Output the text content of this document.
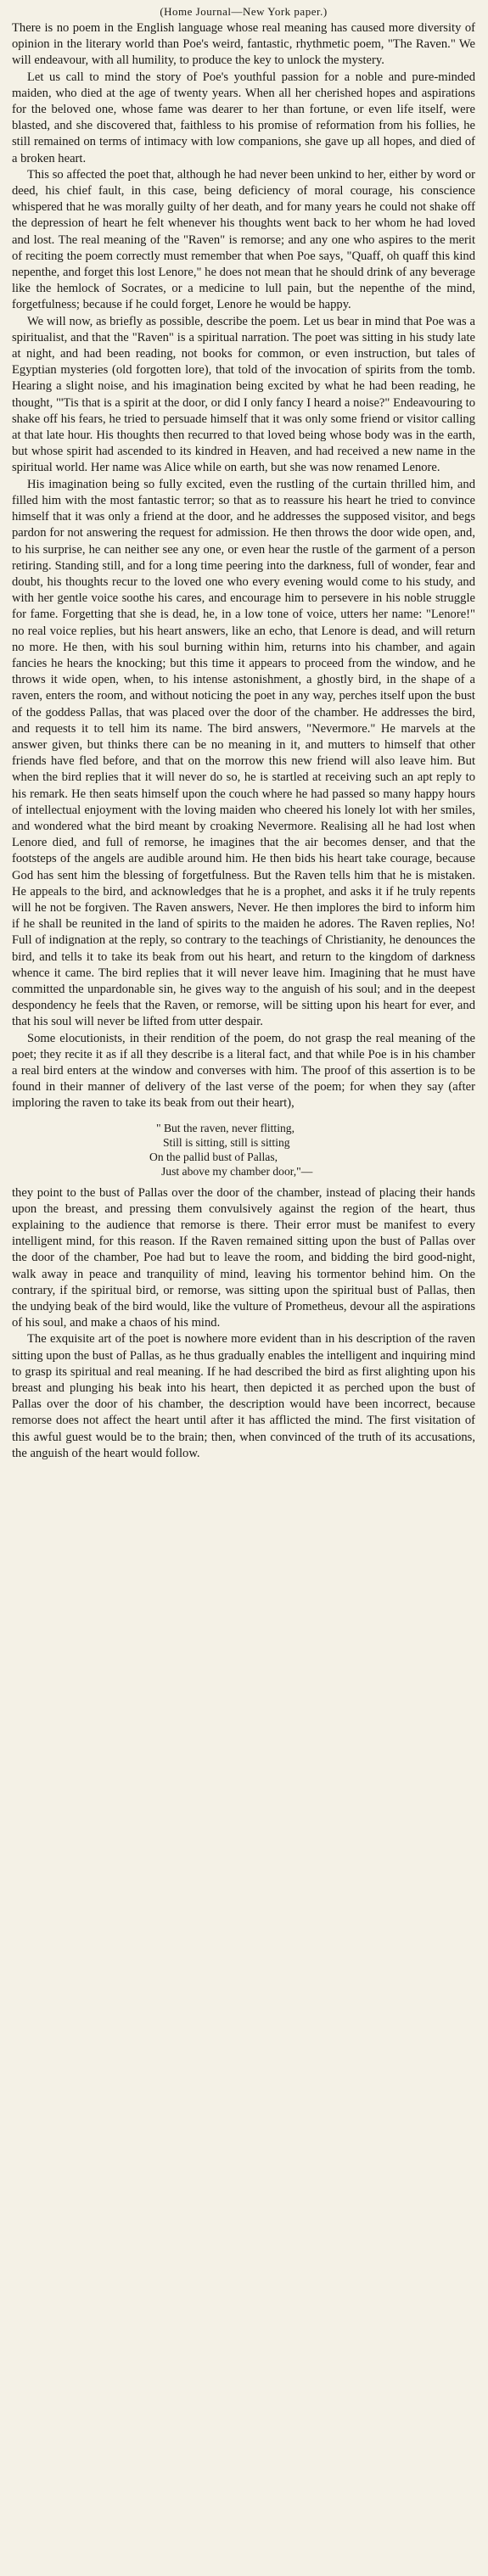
(Home Journal—New York paper.)

There is no poem in the English language whose real meaning has caused more diversity of opinion in the literary world than Poe's weird, fantastic, rhythmetic poem, "The Raven." We will endeavour, with all humility, to produce the key to unlock the mystery.

Let us call to mind the story of Poe's youthful passion for a noble and pure-minded maiden, who died at the age of twenty years. When all her cherished hopes and aspirations for the beloved one, whose fame was dearer to her than fortune, or even life itself, were blasted, and she discovered that, faithless to his promise of reformation from his follies, he still remained on terms of intimacy with low companions, she gave up all hopes, and died of a broken heart.

This so affected the poet that, although he had never been unkind to her, either by word or deed, his chief fault, in this case, being deficiency of moral courage, his conscience whispered that he was morally guilty of her death, and for many years he could not shake off the depression of heart he felt whenever his thoughts went back to her whom he had loved and lost. The real meaning of the "Raven" is remorse; and any one who aspires to the merit of reciting the poem correctly must remember that when Poe says, "Quaff, oh quaff this kind nepenthe, and forget this lost Lenore," he does not mean that he should drink of any beverage like the hemlock of Socrates, or a medicine to lull pain, but the nepenthe of the mind, forgetfulness; because if he could forget, Lenore he would be happy.

We will now, as briefly as possible, describe the poem. Let us bear in mind that Poe was a spiritualist, and that the "Raven" is a spiritual narration. The poet was sitting in his study late at night, and had been reading, not books for common, or even instruction, but tales of Egyptian mysteries (old forgotten lore), that told of the invocation of spirits from the tomb. Hearing a slight noise, and his imagination being excited by what he had been reading, he thought, "'Tis that is a spirit at the door, or did I only fancy I heard a noise?" Endeavouring to shake off his fears, he tried to persuade himself that it was only some friend or visitor calling at that late hour. His thoughts then recurred to that loved being whose body was in the earth, but whose spirit had ascended to its kindred in Heaven, and had received a new name in the spiritual world. Her name was Alice while on earth, but she was now renamed Lenore.

His imagination being so fully excited, even the rustling of the curtain thrilled him, and filled him with the most fantastic terror; so that as to reassure his heart he tried to convince himself that it was only a friend at the door, and he addresses the supposed visitor, and begs pardon for not answering the request for admission. He then throws the door wide open, and, to his surprise, he can neither see any one, or even hear the rustle of the garment of a person retiring. Standing still, and for a long time peering into the darkness, full of wonder, fear and doubt, his thoughts recur to the loved one who every evening would come to his study, and with her gentle voice soothe his cares, and encourage him to persevere in his noble struggle for fame. Forgetting that she is dead, he, in a low tone of voice, utters her name: "Lenore!" no real voice replies, but his heart answers, like an echo, that Lenore is dead, and will return no more. He then, with his soul burning within him, returns into his chamber, and again fancies he hears the knocking; but this time it appears to proceed from the window, and he throws it wide open, when, to his intense astonishment, a ghostly bird, in the shape of a raven, enters the room, and without noticing the poet in any way, perches itself upon the bust of the goddess Pallas, that was placed over the door of the chamber. He addresses the bird, and requests it to tell him its name. The bird answers, "Nevermore." He marvels at the answer given, but thinks there can be no meaning in it, and mutters to himself that other friends have fled before, and that on the morrow this new friend will also leave him. But when the bird replies that it will never do so, he is startled at receiving such an apt reply to his remark. He then seats himself upon the couch where he had passed so many happy hours of intellectual enjoyment with the loving maiden who cheered his lonely lot with her smiles, and wondered what the bird meant by croaking Nevermore. Realising all he had lost when Lenore died, and full of remorse, he imagines that the air becomes denser, and that the footsteps of the angels are audible around him. He then bids his heart take courage, because God has sent him the blessing of forgetfulness. But the Raven tells him that he is mistaken. He appeals to the bird, and acknowledges that he is a prophet, and asks it if he truly repents will he not be forgiven. The Raven answers, Never. He then implores the bird to inform him if he shall be reunited in the land of spirits to the maiden he adores. The Raven replies, No! Full of indignation at the reply, so contrary to the teachings of Christianity, he denounces the bird, and tells it to take its beak from out his heart, and return to the kingdom of darkness whence it came. The bird replies that it will never leave him. Imagining that he must have committed the unpardonable sin, he gives way to the anguish of his soul; and in the deepest despondency he feels that the Raven, or remorse, will be sitting upon his heart for ever, and that his soul will never be lifted from utter despair.

Some elocutionists, in their rendition of the poem, do not grasp the real meaning of the poet; they recite it as if all they describe is a literal fact, and that while Poe is in his chamber a real bird enters at the window and converses with him. The proof of this assertion is to be found in their manner of delivery of the last verse of the poem; for when they say (after imploring the raven to take its beak from out their heart),

" But the raven, never flitting,
Still is sitting, still is sitting
On the pallid bust of Pallas,
Just above my chamber door,"—

they point to the bust of Pallas over the door of the chamber, instead of placing their hands upon the breast, and pressing them convulsively against the region of the heart, thus explaining to the audience that remorse is there. Their error must be manifest to every intelligent mind, for this reason. If the Raven remained sitting upon the bust of Pallas over the door of the chamber, Poe had but to leave the room, and bidding the bird good-night, walk away in peace and tranquility of mind, leaving his tormentor behind him. On the contrary, if the spiritual bird, or remorse, was sitting upon the spiritual bust of Pallas, then the undying beak of the bird would, like the vulture of Prometheus, devour all the aspirations of his soul, and make a chaos of his mind.

The exquisite art of the poet is nowhere more evident than in his description of the raven sitting upon the bust of Pallas, as he thus gradually enables the intelligent and inquiring mind to grasp its spiritual and real meaning. If he had described the bird as first alighting upon his breast and plunging his beak into his heart, then depicted it as perched upon the bust of Pallas over the door of his chamber, the description would have been incorrect, because remorse does not affect the heart until after it has afflicted the mind. The first visitation of this awful guest would be to the brain; then, when convinced of the truth of its accusations, the anguish of the heart would follow.
